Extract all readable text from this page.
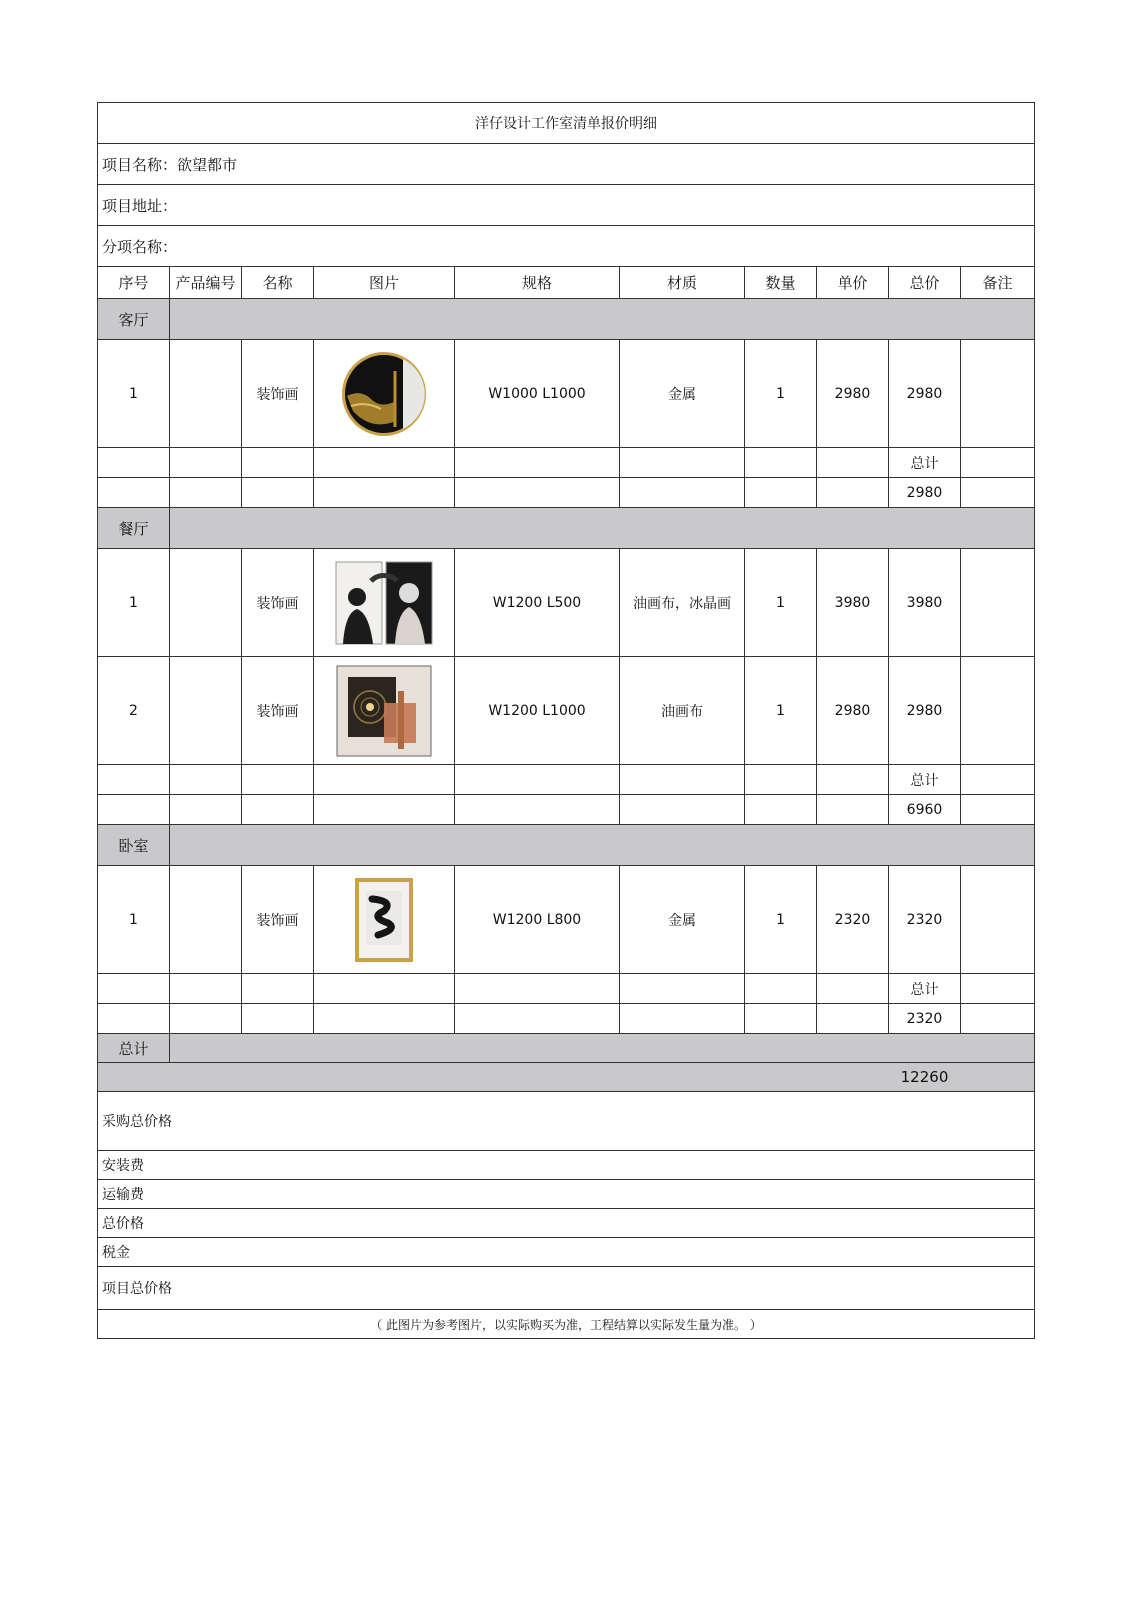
洋仔设计工作室清单报价明细									
项目名称：欲望都市									
项目地址：									
分项名称：									
序号	产品编号	名称	图片	规格	材质	数量	单价	总价	备注
客厅									
1		装饰画		W1000 L1000	金属	1	2980	2980	
								总计	
								2980	
餐厅									
1		装饰画		W1200 L500	油画布，冰晶画	1	3980	3980	
2		装饰画		W1200 L1000	油画布	1	2980	2980	
								总计	
								6960	
卧室									
1		装饰画		W1200 L800	金属	1	2320	2320	
								总计	
								2320	
总计									
								12260	
采购总价格									
安装费									
运输费									
总价格									
税金									
项目总价格									
（ 此图片为参考图片，以实际购买为准，工程结算以实际发生量为准。 ）									
